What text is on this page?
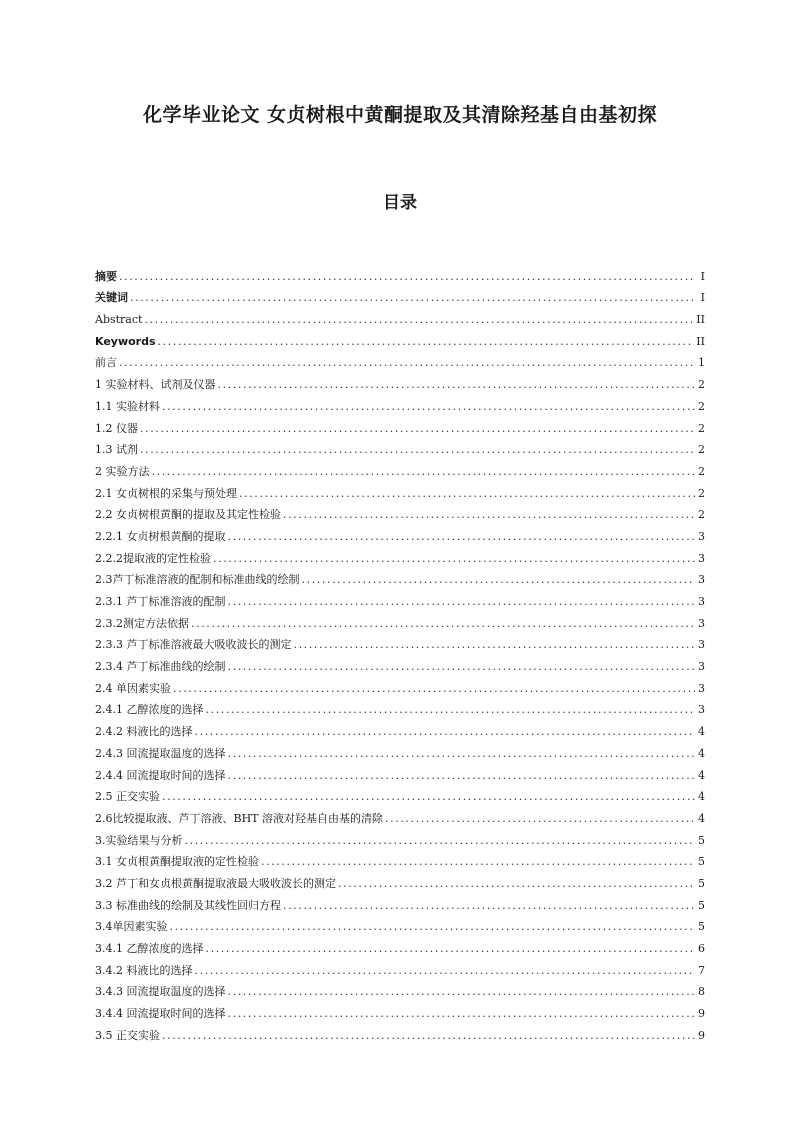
化学毕业论文 女贞树根中黄酮提取及其清除羟基自由基初探
目录
摘要 .....	I
关键词 .....	I
Abstract .....	II
Keywords .....	II
前言 .....	1
1 实验材料、试剂及仪器 .....	2
1.1 实验材料 .....	2
1.2 仪器 .....	2
1.3 试剂 .....	2
2 实验方法 .....	2
2.1 女贞树根的采集与预处理 .....	2
2.2 女贞树根黄酮的提取及其定性检验 .....	2
2.2.1 女贞树根黄酮的提取 .....	3
2.2.2提取液的定性检验 .....	3
2.3芦丁标准溶液的配制和标准曲线的绘制 .....	3
2.3.1 芦丁标准溶液的配制 .....	3
2.3.2测定方法依据 .....	3
2.3.3 芦丁标准溶液最大吸收波长的测定 .....	3
2.3.4 芦丁标准曲线的绘制 .....	3
2.4 单因素实验 .....	3
2.4.1 乙醇浓度的选择 .....	3
2.4.2 料液比的选择 .....	4
2.4.3 回流提取温度的选择 .....	4
2.4.4 回流提取时间的选择 .....	4
2.5 正交实验 .....	4
2.6比较提取液、芦丁溶液、BHT 溶液对羟基自由基的清除 .....	4
3.实验结果与分析 .....	5
3.1 女贞根黄酮提取液的定性检验 .....	5
3.2 芦丁和女贞根黄酮提取液最大吸收波长的测定 .....	5
3.3 标准曲线的绘制及其线性回归方程 .....	5
3.4单因素实验 .....	5
3.4.1 乙醇浓度的选择 .....	6
3.4.2 料液比的选择 .....	7
3.4.3 回流提取温度的选择 .....	8
3.4.4 回流提取时间的选择 .....	9
3.5 正交实验 .....	9
